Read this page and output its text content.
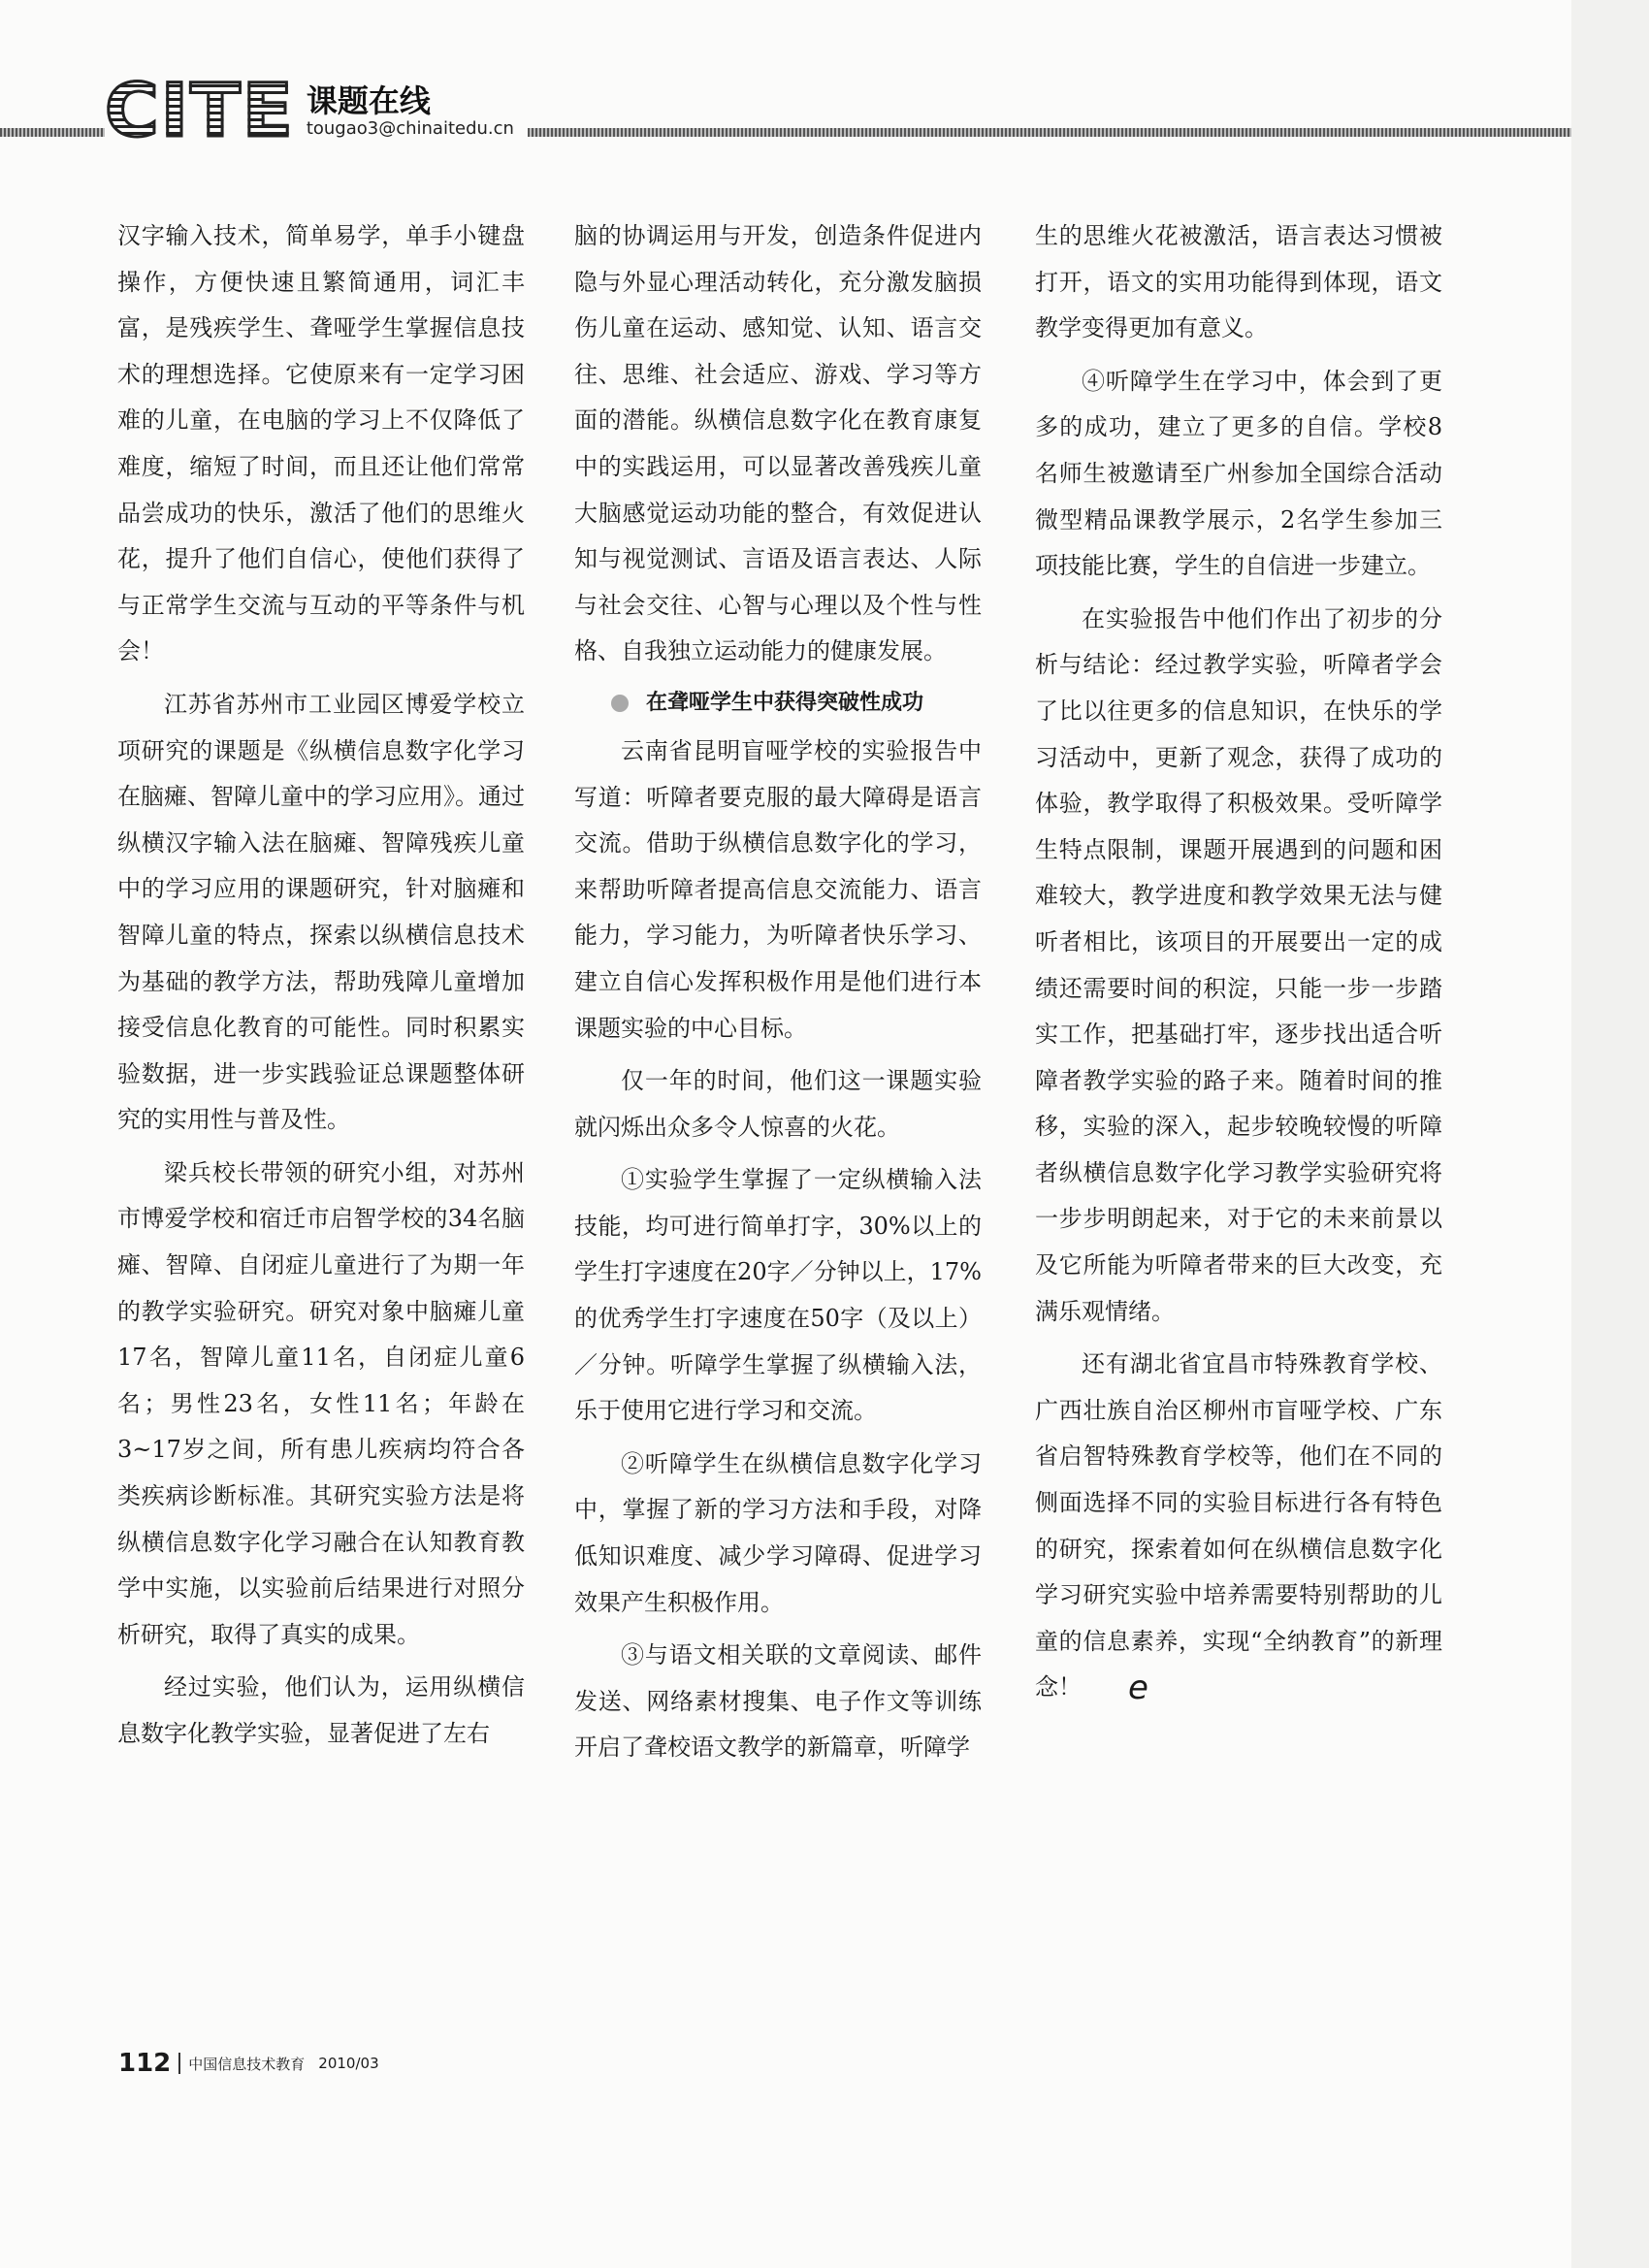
CITE 课题在线
tougao3@chinaitedu.cn

汉字输入技术，简单易学，单手小键盘操作，方便快速且繁简通用，词汇丰富，是残疾学生、聋哑学生掌握信息技术的理想选择。它使原来有一定学习困难的儿童，在电脑的学习上不仅降低了难度，缩短了时间，而且还让他们常常品尝成功的快乐，激活了他们的思维火花，提升了他们自信心，使他们获得了与正常学生交流与互动的平等条件与机会！

江苏省苏州市工业园区博爱学校立项研究的课题是《纵横信息数字化学习在脑瘫、智障儿童中的学习应用》。通过纵横汉字输入法在脑瘫、智障残疾儿童中的学习应用的课题研究，针对脑瘫和智障儿童的特点，探索以纵横信息技术为基础的教学方法，帮助残障儿童增加接受信息化教育的可能性。同时积累实验数据，进一步实践验证总课题整体研究的实用性与普及性。

梁兵校长带领的研究小组，对苏州市博爱学校和宿迁市启智学校的34名脑瘫、智障、自闭症儿童进行了为期一年的教学实验研究。研究对象中脑瘫儿童17名，智障儿童11名，自闭症儿童6名；男性23名，女性11名；年龄在3~17岁之间，所有患儿疾病均符合各类疾病诊断标准。其研究实验方法是将纵横信息数字化学习融合在认知教育教学中实施，以实验前后结果进行对照分析研究，取得了真实的成果。

经过实验，他们认为，运用纵横信息数字化教学实验，显著促进了左右

脑的协调运用与开发，创造条件促进内隐与外显心理活动转化，充分激发脑损伤儿童在运动、感知觉、认知、语言交往、思维、社会适应、游戏、学习等方面的潜能。纵横信息数字化在教育康复中的实践运用，可以显著改善残疾儿童大脑感觉运动功能的整合，有效促进认知与视觉测试、言语及语言表达、人际与社会交往、心智与心理以及个性与性格、自我独立运动能力的健康发展。

在聋哑学生中获得突破性成功

云南省昆明盲哑学校的实验报告中写道：听障者要克服的最大障碍是语言交流。借助于纵横信息数字化的学习，来帮助听障者提高信息交流能力、语言能力，学习能力，为听障者快乐学习、建立自信心发挥积极作用是他们进行本课题实验的中心目标。

仅一年的时间，他们这一课题实验就闪烁出众多令人惊喜的火花。

①实验学生掌握了一定纵横输入法技能，均可进行简单打字，30%以上的学生打字速度在20字／分钟以上，17%的优秀学生打字速度在50字（及以上）／分钟。听障学生掌握了纵横输入法，乐于使用它进行学习和交流。

②听障学生在纵横信息数字化学习中，掌握了新的学习方法和手段，对降低知识难度、减少学习障碍、促进学习效果产生积极作用。

③与语文相关联的文章阅读、邮件发送、网络素材搜集、电子作文等训练开启了聋校语文教学的新篇章，听障学

生的思维火花被激活，语言表达习惯被打开，语文的实用功能得到体现，语文教学变得更加有意义。

④听障学生在学习中，体会到了更多的成功，建立了更多的自信。学校8名师生被邀请至广州参加全国综合活动微型精品课教学展示，2名学生参加三项技能比赛，学生的自信进一步建立。

在实验报告中他们作出了初步的分析与结论：经过教学实验，听障者学会了比以往更多的信息知识，在快乐的学习活动中，更新了观念，获得了成功的体验，教学取得了积极效果。受听障学生特点限制，课题开展遇到的问题和困难较大，教学进度和教学效果无法与健听者相比，该项目的开展要出一定的成绩还需要时间的积淀，只能一步一步踏实工作，把基础打牢，逐步找出适合听障者教学实验的路子来。随着时间的推移，实验的深入，起步较晚较慢的听障者纵横信息数字化学习教学实验研究将一步步明朗起来，对于它的未来前景以及它所能为听障者带来的巨大改变，充满乐观情绪。

还有湖北省宜昌市特殊教育学校、广西壮族自治区柳州市盲哑学校、广东省启智特殊教育学校等，他们在不同的侧面选择不同的实验目标进行各有特色的研究，探索着如何在纵横信息数字化学习研究实验中培养需要特别帮助的儿童的信息素养，实现“全纳教育”的新理念！ e

112 中国信息技术教育 2010/03
